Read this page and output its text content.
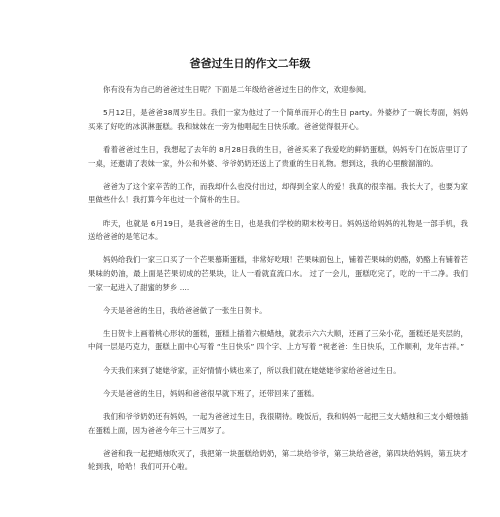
爸爸过生日的作文二年级

你有没有为自己的爸爸过生日呢？下面是二年级给爸爸过生日的作文，欢迎参阅。

5月12日，是爸爸38周岁生日。我们一家为他过了一个简单而开心的生日 party。外婆炒了一碗长寿面，妈妈买来了好吃的冰淇淋蛋糕。我和妹妹在一旁为他唱起生日快乐歌。爸爸觉得很开心。

看着爸爸过生日，我想起了去年的 8月28日我的生日，爸爸买来了我爱吃的鲜奶蛋糕，妈妈专门在饭店里订了一桌，还邀请了表妹一家，外公和外婆、爷爷奶奶还送上了贵重的生日礼物。想到这，我的心里酸溜溜的。

爸爸为了这个家辛苦的工作，而我却什么也没付出过，却得到全家人的爱！我真的很幸福。我长大了，也要为家里做些什么！我打算今年也过一个简朴的生日。

昨天，也就是 6月19日，是我爸爸的生日，也是我们学校的期末校考日。妈妈送给妈妈的礼物是一部手机，我送给爸爸的是笔记本。

妈妈给我们一家三口买了一个芒果慕斯蛋糕，非常好吃哦！芒果味面包上，铺着芒果味的奶酪，奶酪上有铺着芒果味的奶油，最上面是芒果切成的芒果块，让人一看就直流口水。 过了一会儿，蛋糕吃完了，吃的一干二净。我们一家一起进入了甜蜜的梦乡 ....

今天是爸爸的生日，我给爸爸做了一张生日贺卡。

生日贺卡上画着桃心形状的蛋糕，蛋糕上插着六根蜡烛，就表示六六大顺，还画了三朵小花，蛋糕还是夹层的，中间一层是巧克力，蛋糕上面中心写着 “生日快乐” 四个字、上方写着 “祝老爸：生日快乐，工作顺利，龙年吉祥。”

今天我们来到了姥姥爷家，正好情情小姨也来了，所以我们就在姥姥姥爷家给爸爸过生日。

今天是爸爸的生日，妈妈和爸爸很早就下班了，还带回来了蛋糕。

我们和爷爷奶奶还有妈妈，一起为爸爸过生日，我很期待。晚饭后，我和妈妈一起把三支大蜡烛和三支小蜡烛插在蛋糕上面，因为爸爸今年三十三周岁了。

爸爸和我一起把蜡烛吹灭了，我把第一块蛋糕给奶奶，第二块给爷爷，第三块给爸爸，第四块给妈妈，第五块才轮到我，哈哈！我们可开心啦。
